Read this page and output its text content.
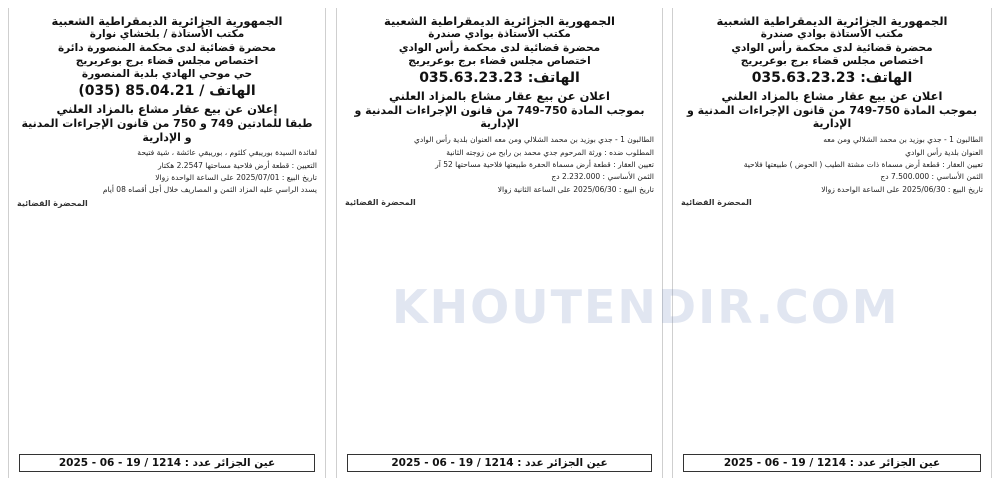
الجمهورية الجزائرية الديمقراطية الشعبية
مكتب الأستاذة / بلخشاي نوارة
محضرة قضائية لدى محكمة المنصورة دائرة
اختصاص مجلس قضاء برج بوعريريج
حي موحي الهادي بلدية المنصورة
الهاتف / 85.04.21 (035)
إعلان عن بيع عقار مشاع بالمزاد العلني
طبقا للمادتين 749 و 750 من قانون الإجراءات المدنية و الإدارية

لفائدة السيدة بوريبقي كلثوم ، بوريبقي عائشة ، شية فتيحة

التعيين : قطعة أرض فلاحية مساحتها 2.2547 هكتار

تاريخ البيع : 2025/07/01 على الساعة الواحدة زوالا

يسدد الراسي عليه المزاد الثمن و المصاريف خلال أجل أقصاه 08 أيام

المحضرة القضائية
عين الجزائر عدد : 1214 / 19 - 06 - 2025
الجمهورية الجزائرية الديمقراطية الشعبية
مكتب الأستاذة بوادي صندرة
محضرة قضائية لدى محكمة رأس الوادي
اختصاص مجلس قضاء برج بوعريريج
الهاتف: 035.63.23.23
اعلان عن بيع عقار مشاع بالمزاد العلني
بموجب المادة 750-749 من قانون الإجراءات المدنية و الإدارية

الطالبون 1 - جدي بوزيد بن محمد الشلالي ومن معه العنوان بلدية رأس الوادي

المطلوب ضده : ورثة المرحوم جدي محمد بن رابح من زوجته الثانية

تعيين العقار : قطعة أرض مسماة الحفرة طبيعتها فلاحية مساحتها 52 آر

الثمن الأساسي : 2.232.000 دج

تاريخ البيع : 2025/06/30 على الساعة الثانية زوالا

المحضرة القضائية
عين الجزائر عدد : 1214 / 19 - 06 - 2025
الجمهورية الجزائرية الديمقراطية الشعبية
مكتب الأستاذة بوادي صندرة
محضرة قضائية لدى محكمة رأس الوادي
اختصاص مجلس قضاء برج بوعريريج
الهاتف: 035.63.23.23
اعلان عن بيع عقار مشاع بالمزاد العلني
بموجب المادة 750-749 من قانون الإجراءات المدنية و الإدارية

الطالبون 1 - جدي بوزيد بن محمد الشلالي ومن معه

العنوان بلدية رأس الوادي

تعيين العقار : قطعة أرض مسماة ذات مشتة الطيب ( الحوض ) طبيعتها فلاحية

الثمن الأساسي : 7.500.000 دج

تاريخ البيع : 2025/06/30 على الساعة الواحدة زوالا

المحضرة القضائية
عين الجزائر عدد : 1214 / 19 - 06 - 2025
KHOUTENDIR.COM
